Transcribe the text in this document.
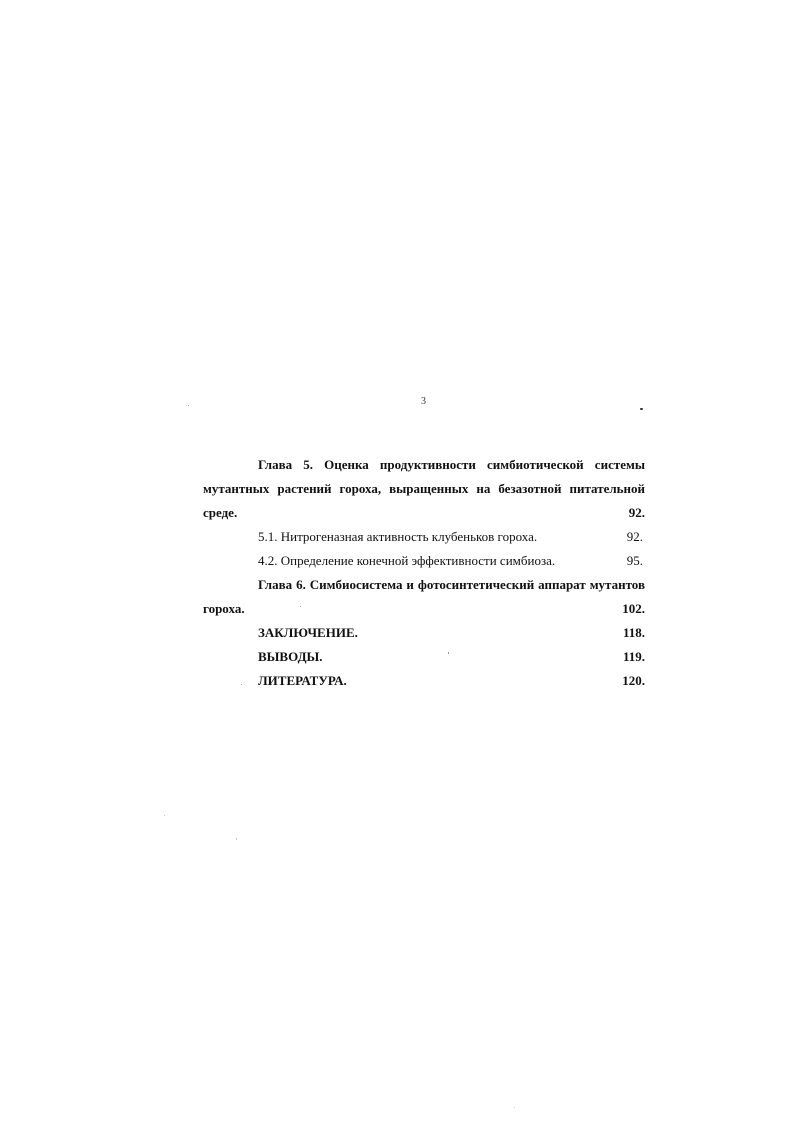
3
Глава 5. Оценка продуктивности симбиотической системы
мутантных растений гороха, выращенных на безазотной питательной
среде.	92.
5.1. Нитрогеназная активность клубеньков гороха.	92.
4.2. Определение конечной эффективности симбиоза.	95.
Глава 6. Симбиосистема и фотосинтетический аппарат мутантов
гороха.	102.
ЗАКЛЮЧЕНИЕ.	118.
ВЫВОДЫ.	119.
ЛИТЕРАТУРА.	120.
